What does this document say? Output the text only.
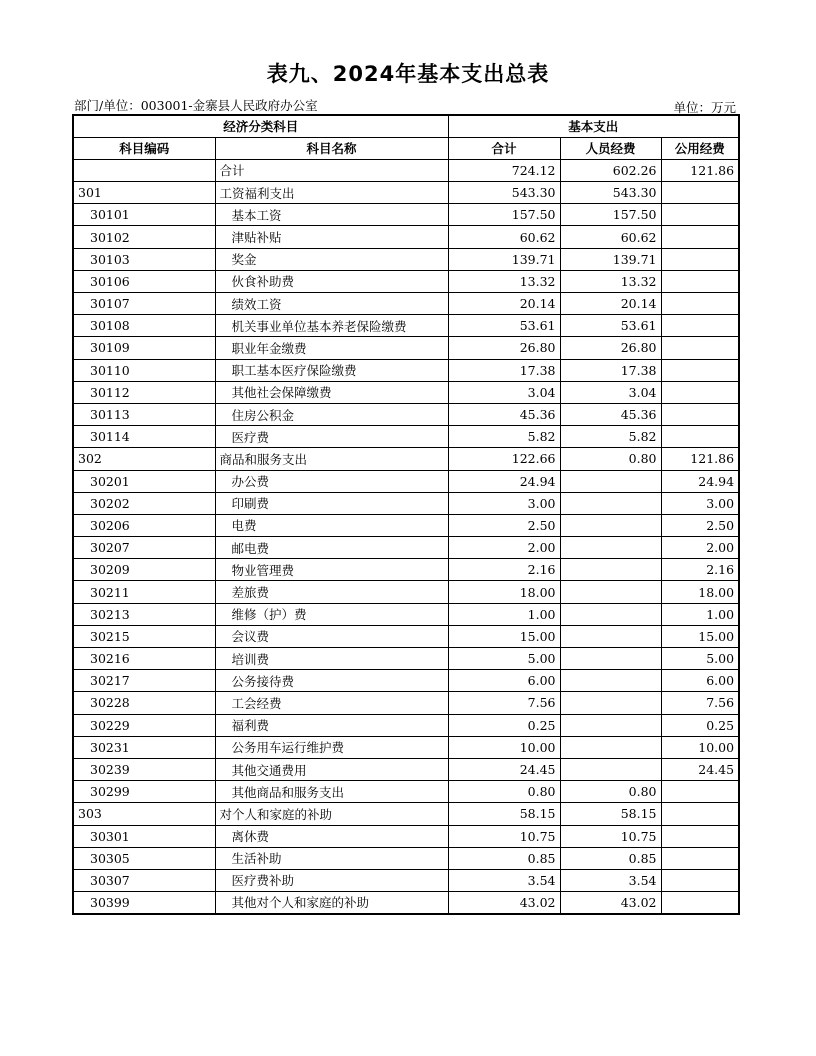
表九、2024年基本支出总表
部门/单位：003001-金寨县人民政府办公室	单位：万元
经济分类科目		基本支出		
科目编码	科目名称	合计	人员经费	公用经费
	合计	724.12	602.26	121.86
301	工资福利支出	543.30	543.30	
30101	基本工资	157.50	157.50	
30102	津贴补贴	60.62	60.62	
30103	奖金	139.71	139.71	
30106	伙食补助费	13.32	13.32	
30107	绩效工资	20.14	20.14	
30108	机关事业单位基本养老保险缴费	53.61	53.61	
30109	职业年金缴费	26.80	26.80	
30110	职工基本医疗保险缴费	17.38	17.38	
30112	其他社会保障缴费	3.04	3.04	
30113	住房公积金	45.36	45.36	
30114	医疗费	5.82	5.82	
302	商品和服务支出	122.66	0.80	121.86
30201	办公费	24.94		24.94
30202	印刷费	3.00		3.00
30206	电费	2.50		2.50
30207	邮电费	2.00		2.00
30209	物业管理费	2.16		2.16
30211	差旅费	18.00		18.00
30213	维修（护）费	1.00		1.00
30215	会议费	15.00		15.00
30216	培训费	5.00		5.00
30217	公务接待费	6.00		6.00
30228	工会经费	7.56		7.56
30229	福利费	0.25		0.25
30231	公务用车运行维护费	10.00		10.00
30239	其他交通费用	24.45		24.45
30299	其他商品和服务支出	0.80	0.80	
303	对个人和家庭的补助	58.15	58.15	
30301	离休费	10.75	10.75	
30305	生活补助	0.85	0.85	
30307	医疗费补助	3.54	3.54	
30399	其他对个人和家庭的补助	43.02	43.02	
